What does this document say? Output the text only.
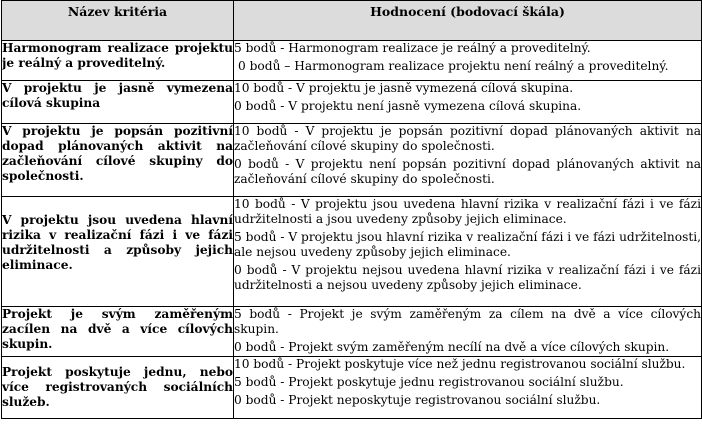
Název kritéria	Hodnocení (bodovací škála)
Harmonogram realizace projektu je reálný a proveditelný.	5 bodů - Harmonogram realizace je reálný a proveditelný.

0 bodů – Harmonogram realizace projektu není reálný a proveditelný.

V projektu je jasně vymezena cílová skupina	10 bodů - V projektu je jasně vymezená cílová skupina.

0 bodů - V projektu není jasně vymezena cílová skupina.

V projektu je popsán pozitivní dopad plánovaných aktivit na začleňování cílové skupiny do společnosti.	10 bodů - V projektu je popsán pozitivní dopad plánovaných aktivit na začleňování cílové skupiny do společnosti.

0 bodů - V projektu není popsán pozitivní dopad plánovaných aktivit na začleňování cílové skupiny do společnosti.

V projektu jsou uvedena hlavní rizika v realizační fázi i ve fázi udržitelnosti a způsoby jejich eliminace.	10 bodů - V projektu jsou uvedena hlavní rizika v realizační fázi i ve fázi udržitelnosti a jsou uvedeny způsoby jejich eliminace.

5 bodů - V projektu jsou hlavní rizika v realizační fázi i ve fázi udržitelnosti, ale nejsou uvedeny způsoby jejich eliminace.

0 bodů - V projektu nejsou uvedena hlavní rizika v realizační fázi i ve fázi udržitelnosti a nejsou uvedeny způsoby jejich eliminace.

Projekt je svým zaměřeným zacílen na dvě a více cílových skupin.	5 bodů - Projekt je svým zaměřeným za cílem na dvě a více cílových skupin.

0 bodů - Projekt svým zaměřeným necílí na dvě a více cílových skupin.

Projekt poskytuje jednu, nebo více registrovaných sociálních služeb.	10 bodů - Projekt poskytuje více než jednu registrovanou sociální službu.

5 bodů - Projekt poskytuje jednu registrovanou sociální službu.

0 bodů - Projekt neposkytuje registrovanou sociální službu.
